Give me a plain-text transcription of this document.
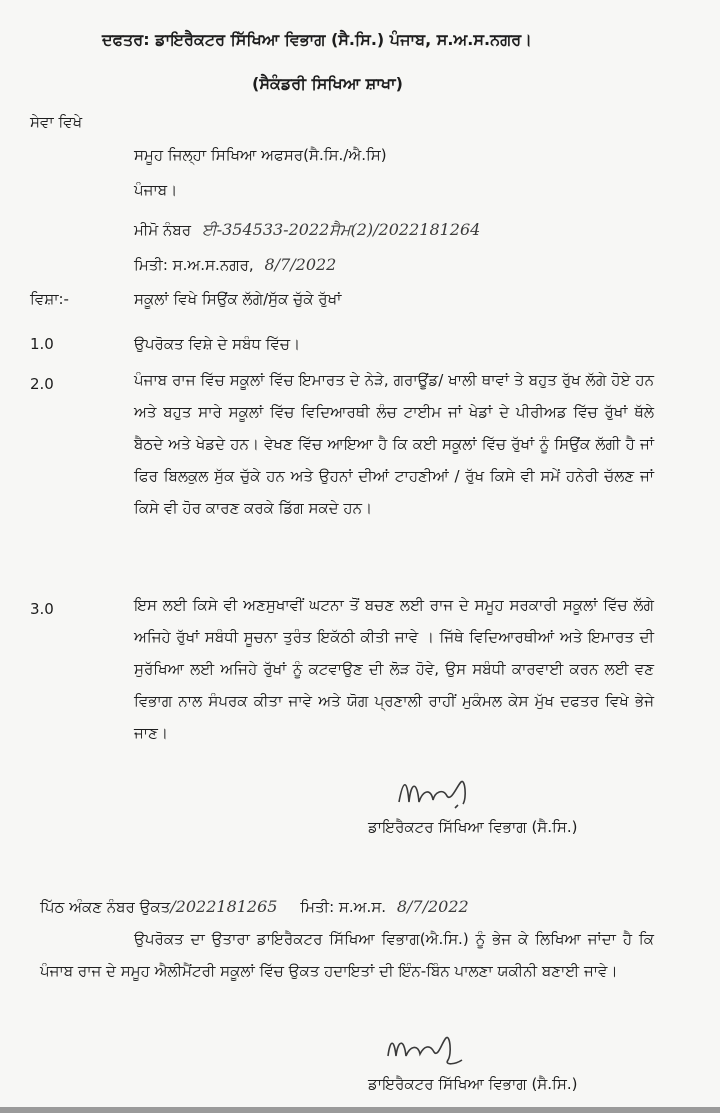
ਦਫਤਰ: ਡਾਇਰੈਕਟਰ ਸਿੱਖਿਆ ਵਿਭਾਗ (ਸੈ.ਸਿ.) ਪੰਜਾਬ, ਸ.ਅ.ਸ.ਨਗਰ।
(ਸੈਕੰਡਰੀ ਸਿਖਿਆ ਸ਼ਾਖਾ)
ਸੇਵਾ ਵਿਖੇ
ਸਮੂਹ ਜਿਲ੍ਹਾ ਸਿਖਿਆ ਅਫਸਰ(ਸੈ.ਸਿ./ਐ.ਸਿ)
ਪੰਜਾਬ।
ਮੀਮੋ ਨੰਬਰ ਈ-354533-2022ਸੈਮ(2)/2022181264
ਮਿਤੀ: ਸ.ਅ.ਸ.ਨਗਰ, 8/7/2022
ਵਿਸ਼ਾ:-	ਸਕੂਲਾਂ ਵਿਖੇ ਸਿਉਂਕ ਲੱਗੇ/ਸੁੱਕ ਚੁੱਕੇ ਰੁੱਖਾਂ
1.0	ਉਪਰੋਕਤ ਵਿਸ਼ੇ ਦੇ ਸਬੰਧ ਵਿੱਚ।
2.0	ਪੰਜਾਬ ਰਾਜ ਵਿੱਚ ਸਕੂਲਾਂ ਵਿੱਚ ਇਮਾਰਤ ਦੇ ਨੇੜੇ, ਗਰਾਊਂਡ/ ਖਾਲੀ ਥਾਵਾਂ ਤੇ ਬਹੁਤ ਰੁੱਖ ਲੱਗੇ ਹੋਏ ਹਨ ਅਤੇ ਬਹੁਤ ਸਾਰੇ ਸਕੂਲਾਂ ਵਿੱਚ ਵਿਦਿਆਰਥੀ ਲੰਚ ਟਾਈਮ ਜਾਂ ਖੇਡਾਂ ਦੇ ਪੀਰੀਅਡ ਵਿੱਚ ਰੁੱਖਾਂ ਥੱਲੇ ਬੈਠਦੇ ਅਤੇ ਖੇਡਦੇ ਹਨ। ਵੇਖਣ ਵਿੱਚ ਆਇਆ ਹੈ ਕਿ ਕਈ ਸਕੂਲਾਂ ਵਿੱਚ ਰੁੱਖਾਂ ਨੂੰ ਸਿਉਂਕ ਲੱਗੀ ਹੈ ਜਾਂ ਫਿਰ ਬਿਲਕੁਲ ਸੁੱਕ ਚੁੱਕੇ ਹਨ ਅਤੇ ਉਹਨਾਂ ਦੀਆਂ ਟਾਹਣੀਆਂ / ਰੁੱਖ ਕਿਸੇ ਵੀ ਸਮੇਂ ਹਨੇਰੀ ਚੱਲਣ ਜਾਂ ਕਿਸੇ ਵੀ ਹੋਰ ਕਾਰਣ ਕਰਕੇ ਡਿੱਗ ਸਕਦੇ ਹਨ।
3.0	ਇਸ ਲਈ ਕਿਸੇ ਵੀ ਅਣਸੁਖਾਵੀਂ ਘਟਨਾ ਤੋਂ ਬਚਣ ਲਈ ਰਾਜ ਦੇ ਸਮੂਹ ਸਰਕਾਰੀ ਸਕੂਲਾਂ ਵਿੱਚ ਲੱਗੇ ਅਜਿਹੇ ਰੁੱਖਾਂ ਸਬੰਧੀ ਸੂਚਨਾ ਤੁਰੰਤ ਇਕੱਠੀ ਕੀਤੀ ਜਾਵੇ । ਜਿੱਥੇ ਵਿਦਿਆਰਥੀਆਂ ਅਤੇ ਇਮਾਰਤ ਦੀ ਸੁਰੱਖਿਆ ਲਈ ਅਜਿਹੇ ਰੁੱਖਾਂ ਨੂੰ ਕਟਵਾਉਣ ਦੀ ਲੋੜ ਹੋਵੇ, ਉਸ ਸਬੰਧੀ ਕਾਰਵਾਈ ਕਰਨ ਲਈ ਵਣ ਵਿਭਾਗ ਨਾਲ ਸੰਪਰਕ ਕੀਤਾ ਜਾਵੇ ਅਤੇ ਯੋਗ ਪ੍ਰਣਾਲੀ ਰਾਹੀਂ ਮੁਕੰਮਲ ਕੇਸ ਮੁੱਖ ਦਫਤਰ ਵਿਖੇ ਭੇਜੇ ਜਾਣ।
ਡਾਇਰੈਕਟਰ ਸਿੱਖਿਆ ਵਿਭਾਗ (ਸੈ.ਸਿ.)
ਪਿੱਠ ਅੰਕਣ ਨੰਬਰ ਉਕਤ/2022181265 ਮਿਤੀ: ਸ.ਅ.ਸ. 8/7/2022
ਉਪਰੋਕਤ ਦਾ ਉਤਾਰਾ ਡਾਇਰੈਕਟਰ ਸਿੱਖਿਆ ਵਿਭਾਗ(ਐ.ਸਿ.) ਨੂੰ ਭੇਜ ਕੇ ਲਿਖਿਆ ਜਾਂਦਾ ਹੈ ਕਿ ਪੰਜਾਬ ਰਾਜ ਦੇ ਸਮੂਹ ਐਲੀਮੈਂਟਰੀ ਸਕੂਲਾਂ ਵਿੱਚ ਉਕਤ ਹਦਾਇਤਾਂ ਦੀ ਇੰਨ-ਬਿੰਨ ਪਾਲਣਾ ਯਕੀਨੀ ਬਣਾਈ ਜਾਵੇ।
ਡਾਇਰੈਕਟਰ ਸਿੱਖਿਆ ਵਿਭਾਗ (ਸੈ.ਸਿ.)
